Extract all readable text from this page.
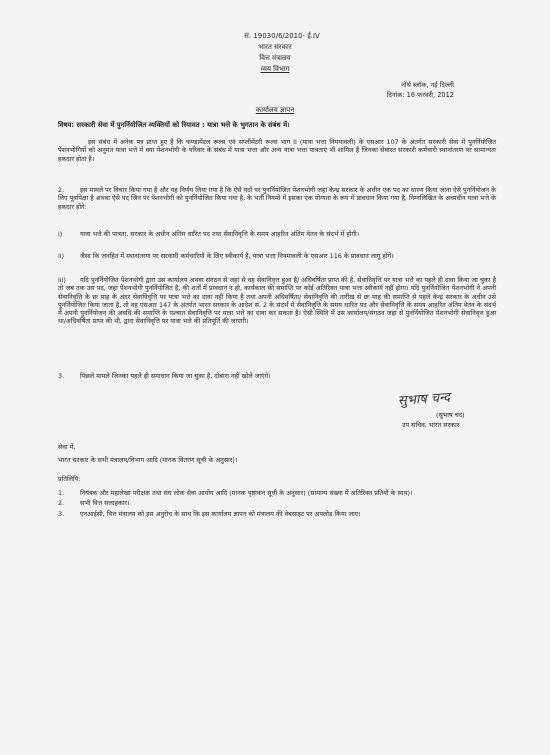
सं. 19030/6/2010- ई.IV
भारत सरकार
वित्त मंत्रालय
व्यय विभाग
नॉर्थ ब्लॉक, नई दिल्ली
दिनांक: 16 फरवरी, 2012
कार्यालय ज्ञापन
विषय: सरकारी सेवा में पुनर्नियोजित व्यक्तियों को रियायत : यात्रा भत्ते के भुगतान के संबंध में।
इस संबंध में अनेक पत्र प्राप्त हुए हैं कि फण्डामेंटल रूल्स एवं सप्लीमेंटरी रूल्स भाग II (यात्रा भत्ता नियमावली) के एसआर 107 के अंतर्गत सरकारी सेवा में पुनर्नियोजित पेंशनभोगियों को अनुमत यात्रा भत्ते में क्या पेंशनभोगी के परिवार के संबंध में यात्रा भत्ता और अन्य यात्रा भत्ता पात्रताएं भी शामिल हैं जिनका सेवारत सरकारी कर्मचारी स्थानांतरण पर सामान्यतः हकदार होता है।
2. इस मामले पर विचार किया गया है और यह निर्णय लिया गया है कि ऐसे पदों पर पुनर्नियोजित पेंशनभोगी जहां केन्द्र सरकार के अधीन एक पद का धारण किया जाना ऐसे पुनर्नियोजन के लिए पूर्वापेक्षा है अथवा ऐसे पद जिन पर पेंशनभोगी को पुनर्नियोजित किया गया है, के भर्ती नियमों में इसका एक योग्यता के रूप में प्रावधान किया गया है, निम्नलिखित के अध्यधीन यात्रा भत्ते के हकदार होंगे:
i)	यात्रा भत्ते की पात्रता, सरकार के अधीन अंतिम धारित पद तथा सेवानिवृत्ति के समय आहरित अंतिम वेतन के संदर्भ में होगी।
ii) जैसा कि जनहित में स्थानांतरण पर सरकारी कर्मचारियों के लिए स्वीकार्य है, यात्रा भत्ता नियमावली के एसआर 116 के प्रावधान लागू होंगे।
iii) यदि पुनर्नियोजित पेंशनभोगी द्वारा उस कार्यालय अथवा संगठन से जहां से वह सेवानिवृत्त हुआ है/ अधिवर्षिता प्राप्त की है, सेवानिवृत्ति पर यात्रा भत्ते का पहले ही दावा किया जा चुका है तो जब तक उस पद, जहां पेंशनभोगी पुनर्नियोजित है, की शर्तों में प्रावधान न हो, कार्यकाल की समाप्ति पर कोई अतिरिक्त यात्रा भत्ता स्वीकार्य नहीं होगा। यदि पुनर्नियोजित पेंशनभोगी ने अपनी सेवानिवृत्ति के छः माह के अंदर सेवानिवृत्ति पर यात्रा भत्ते का दावा नहीं किया है तथा अपनी अधिवर्षिता/ सेवानिवृत्ति की तारीख से छः माह की समाप्ति से पहले केन्द्र सरकार के अधीन उसे पुनर्नियोजित किया जाता है, तो वह एसआर 147 के अंतर्गत भारत सरकार के आदेश सं. 2 के संदर्भ में सेवानिवृत्ति के समय धारित पद और सेवानिवृत्ति के समय आहरित अंतिम वेतन के संदर्भ में अपनी पुनर्नियोजन की अवधि की समाप्ति के पश्चात सेवानिवृत्ति पर यात्रा भत्ते का दावा कर सकता है। ऐसी स्थिति में उस कार्यालय/संगठन जहां से पुनर्नियोजित पेंशनभोगी सेवानिवृत्त हुआ था/अधिवर्षिता प्राप्त की थी, द्वारा सेवानिवृत्ति पर यात्रा भत्ते की प्रतिपूर्ति की जाएगी।
3. पिछले मामले जिनका पहले ही समाधान किया जा चुका है, दोबारा नहीं खोले जाएंगे।
सुभाष चन्द
(सुभाष चंद)
उप सचिव, भारत सरकार
सेवा में,
भारत सरकार के सभी मंत्रालय/विभाग आदि (मानक वितरण सूची के अनुसार)।
प्रतिलिपि:
1. नियंत्रक और महालेखा परीक्षक तथा संघ लोक सेवा आयोग आदि (मानक पृष्ठांकन सूची के अनुसार) (सामान्य संख्या में अतिरिक्त प्रतियों के साथ)।
2. सभी वित्त सलाहकार।
3. एनआईसी, वित्त मंत्रालय को इस अनुरोध के साथ कि इस कार्यालय ज्ञापन को मंत्रालय की वेबसाइट पर अपलोड किया जाए।
